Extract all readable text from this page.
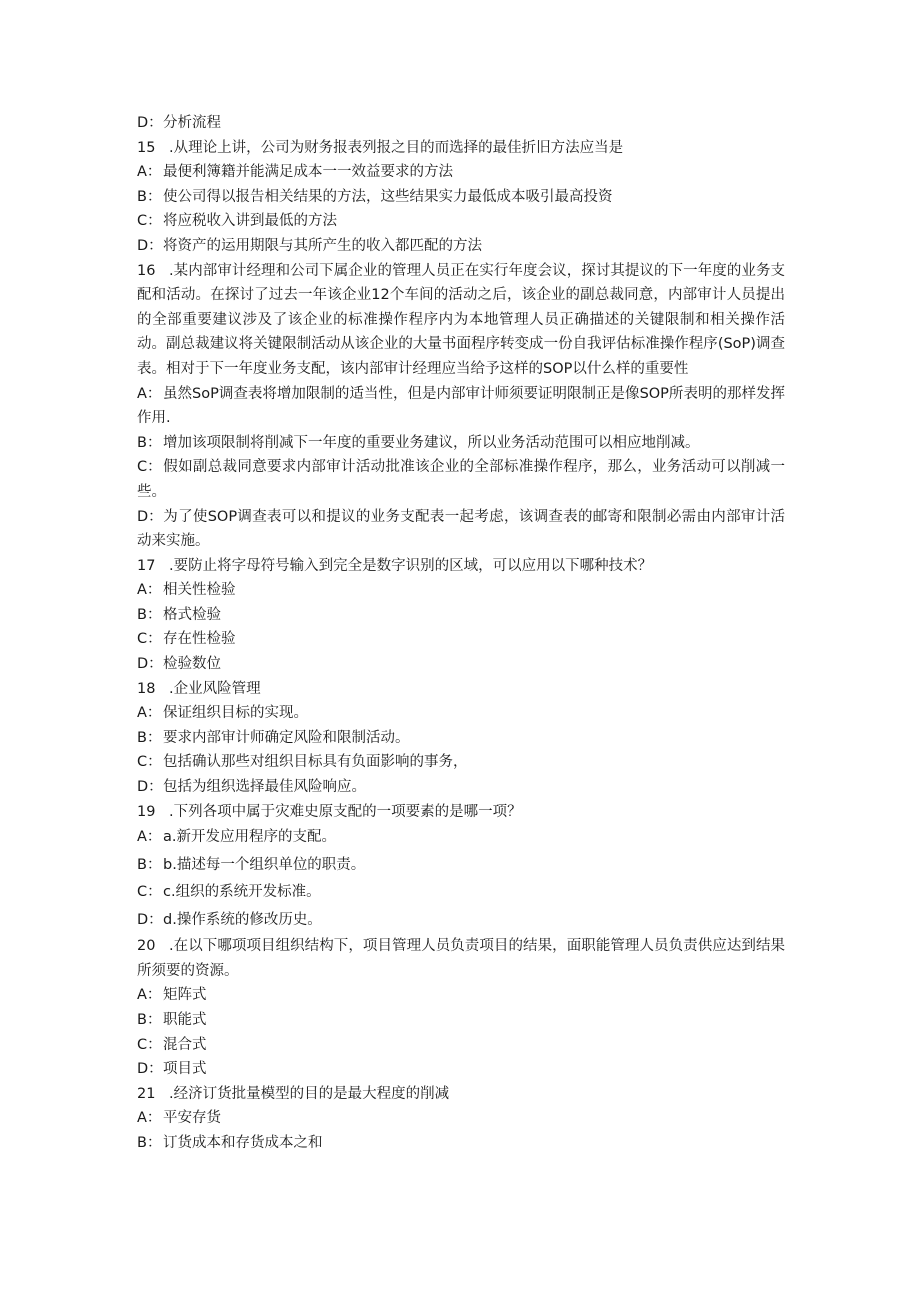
D：分析流程
15 .从理论上讲，公司为财务报表列报之目的而选择的最佳折旧方法应当是
A： 最便利簿籍并能满足成本一一效益要求的方法
B： 使公司得以报告相关结果的方法，这些结果实力最低成本吸引最高投资
C：将应税收入讲到最低的方法
D：将资产的运用期限与其所产生的收入都匹配的方法
16 .某内部审计经理和公司下属企业的管理人员正在实行年度会议，探讨其提议的下一年度的业务支配和活动。在探讨了过去一年该企业12个车间的活动之后，该企业的副总裁同意，内部审计人员提出的全部重要建议涉及了该企业的标准操作程序内为本地管理人员正确描述的关键限制和相关操作活动。副总裁建议将关键限制活动从该企业的大量书面程序转变成一份自我评估标准操作程序(SoP)调查表。相对于下一年度业务支配，该内部审计经理应当给予这样的SOP以什么样的重要性
A： 虽然SoP调查表将增加限制的适当性，但是内部审计师须要证明限制正是像SOP所表明的那样发挥作用.
B： 增加该项限制将削减下一年度的重要业务建议，所以业务活动范围可以相应地削减。
C：假如副总裁同意要求内部审计活动批准该企业的全部标准操作程序，那么，业务活动可以削减一些。
D：为了使SOP调查表可以和提议的业务支配表一起考虑，该调查表的邮寄和限制必需由内部审计活动来实施。
17 .要防止将字母符号输入到完全是数字识别的区域，可以应用以下哪种技术？
A： 相关性检验
B： 格式检验
C：存在性检验
D：检验数位
18 .企业风险管理
A： 保证组织目标的实现。
B： 要求内部审计师确定风险和限制活动。
C：包括确认那些对组织目标具有负面影响的事务，
D：包括为组织选择最佳风险响应。
19 .下列各项中属于灾难史原支配的一项要素的是哪一项？
A： a.新开发应用程序的支配。
B： b.描述每一个组织单位的职责。
C：c.组织的系统开发标准。
D：d.操作系统的修改历史。
20 .在以下哪项项目组织结构下，项目管理人员负责项目的结果，面职能管理人员负责供应达到结果所须要的资源。
A： 矩阵式
B： 职能式
C：混合式
D：项目式
21 .经济订货批量模型的目的是最大程度的削减
A： 平安存货
B： 订货成本和存货成本之和
